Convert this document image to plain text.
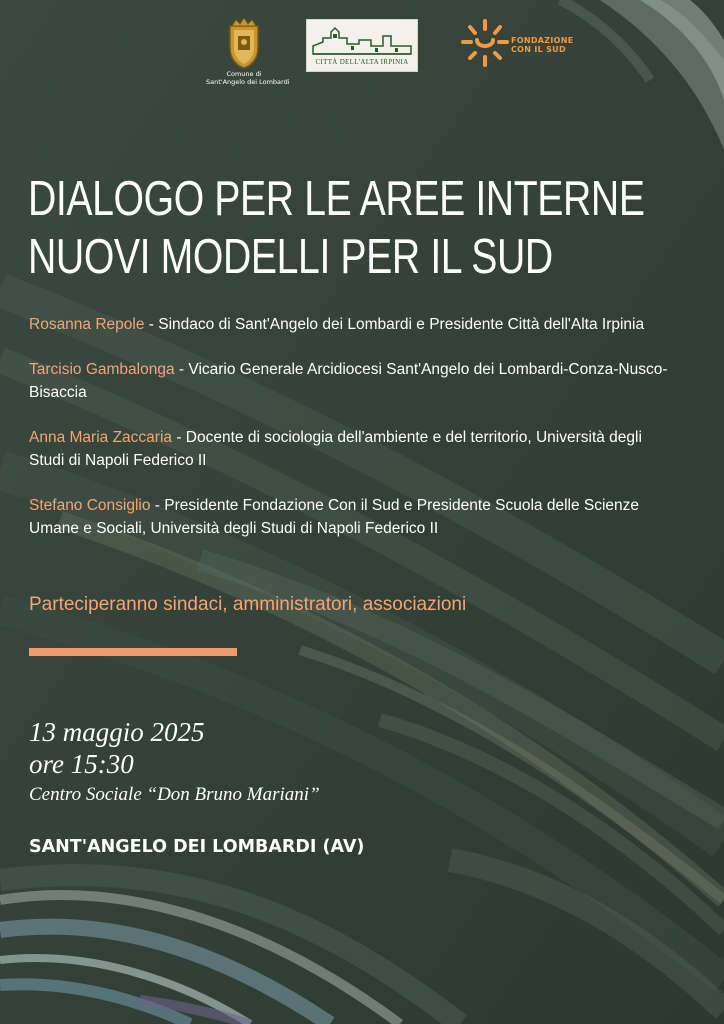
Comune di
Sant'Angelo dei Lombardi
CITTÀ DELL'ALTA IRPINIA
FONDAZIONE
CON IL SUD
DIALOGO PER LE AREE INTERNE
NUOVI MODELLI PER IL SUD
Rosanna Repole - Sindaco di Sant'Angelo dei Lombardi e Presidente Città dell'Alta Irpinia
Tarcisio Gambalonga - Vicario Generale Arcidiocesi Sant'Angelo dei Lombardi-Conza-Nusco-Bisaccia
Anna Maria Zaccaria - Docente di sociologia dell'ambiente e del territorio, Università degli Studi di Napoli Federico II
Stefano Consiglio - Presidente Fondazione Con il Sud e Presidente Scuola delle Scienze Umane e Sociali, Università degli Studi di Napoli Federico II
Parteciperanno sindaci, amministratori, associazioni
13 maggio 2025
ore 15:30
Centro Sociale “Don Bruno Mariani”
SANT'ANGELO DEI LOMBARDI (AV)
